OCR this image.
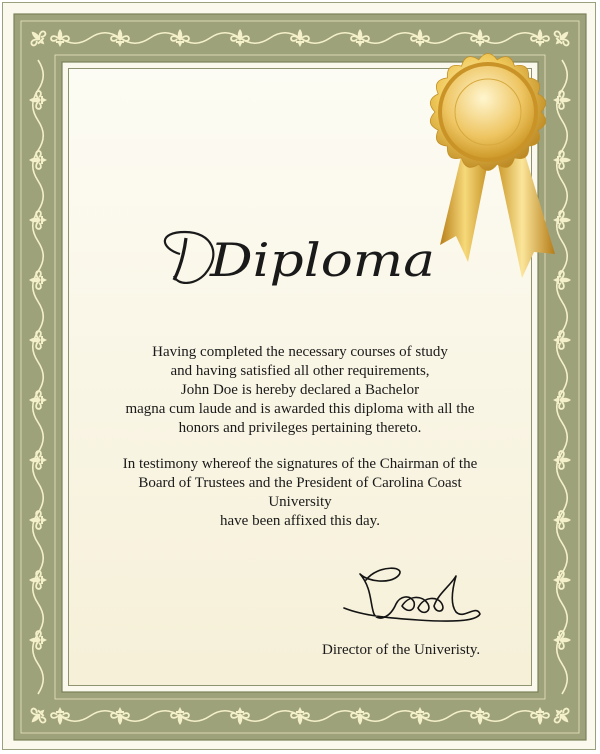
Diploma
Having completed the necessary courses of study
and having satisfied all other requirements,
John Doe is hereby declared a Bachelor
magna cum laude and is awarded this diploma with all the
honors and privileges pertaining thereto.
In testimony whereof the signatures of the Chairman of the
Board of Trustees and the President of Carolina Coast
University
have been affixed this day.
Director of the Univeristy.
